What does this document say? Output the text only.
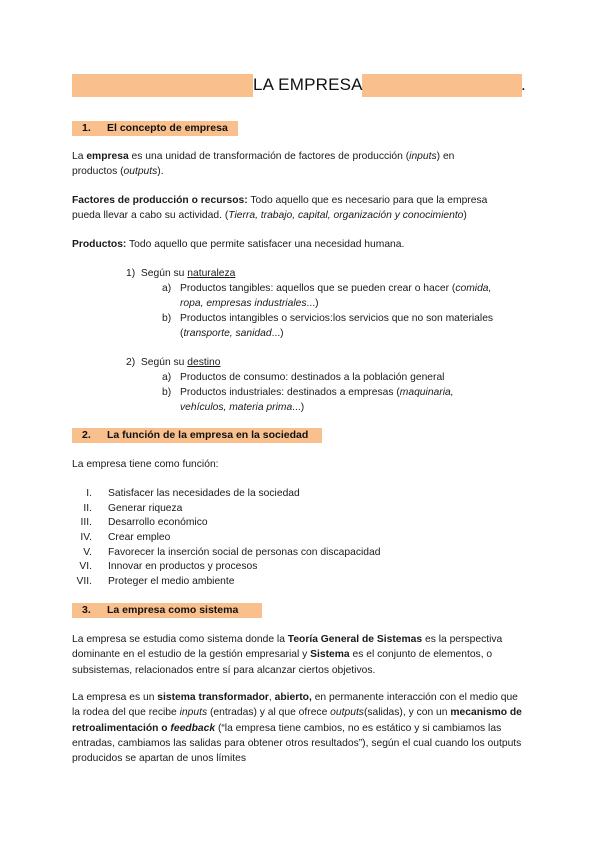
LA EMPRESA	.
1. El concepto de empresa
La empresa es una unidad de transformación de factores de producción (inputs) en
productos (outputs).
Factores de producción o recursos: Todo aquello que es necesario para que la empresa
pueda llevar a cabo su actividad. (Tierra, trabajo, capital, organización y conocimiento)
Productos: Todo aquello que permite satisfacer una necesidad humana.
1) Según su naturaleza
a) Productos tangibles: aquellos que se pueden crear o hacer (comida,
ropa, empresas industriales...)
b) Productos intangibles o servicios:los servicios que no son materiales
(transporte, sanidad...)
2) Según su destino
a) Productos de consumo: destinados a la población general
b) Productos industriales: destinados a empresas (maquinaria,
vehículos, materia prima...)
2. La función de la empresa en la sociedad
La empresa tiene como función:
I. Satisfacer las necesidades de la sociedad
II. Generar riqueza
III. Desarrollo económico
IV. Crear empleo
V. Favorecer la inserción social de personas con discapacidad
VI. Innovar en productos y procesos
VII. Proteger el medio ambiente
3. La empresa como sistema
La empresa se estudia como sistema donde la Teoría General de Sistemas es la perspectiva dominante en el estudio de la gestión empresarial y Sistema es el conjunto de elementos, o subsistemas, relacionados entre sí para alcanzar ciertos objetivos.
La empresa es un sistema transformador, abierto, en permanente interacción con el medio que la rodea del que recibe inputs (entradas) y al que ofrece outputs(salidas), y con un mecanismo de retroalimentación o feedback (“la empresa tiene cambios, no es estático y si cambiamos las entradas, cambiamos las salidas para obtener otros resultados”), según el cual cuando los outputs producidos se apartan de unos límites
